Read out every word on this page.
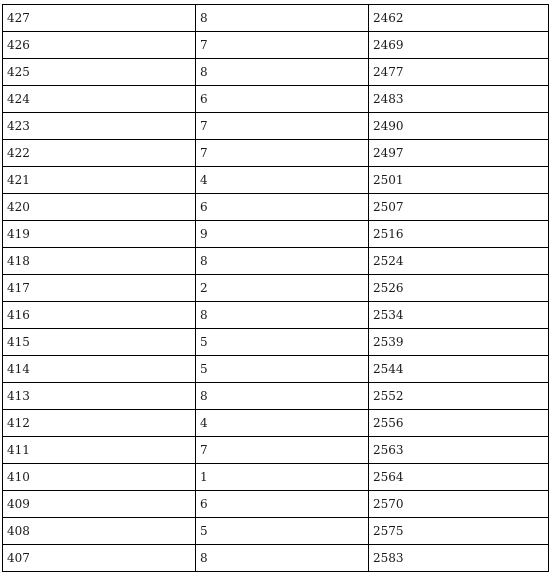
427	8	2462
426	7	2469
425	8	2477
424	6	2483
423	7	2490
422	7	2497
421	4	2501
420	6	2507
419	9	2516
418	8	2524
417	2	2526
416	8	2534
415	5	2539
414	5	2544
413	8	2552
412	4	2556
411	7	2563
410	1	2564
409	6	2570
408	5	2575
407	8	2583
